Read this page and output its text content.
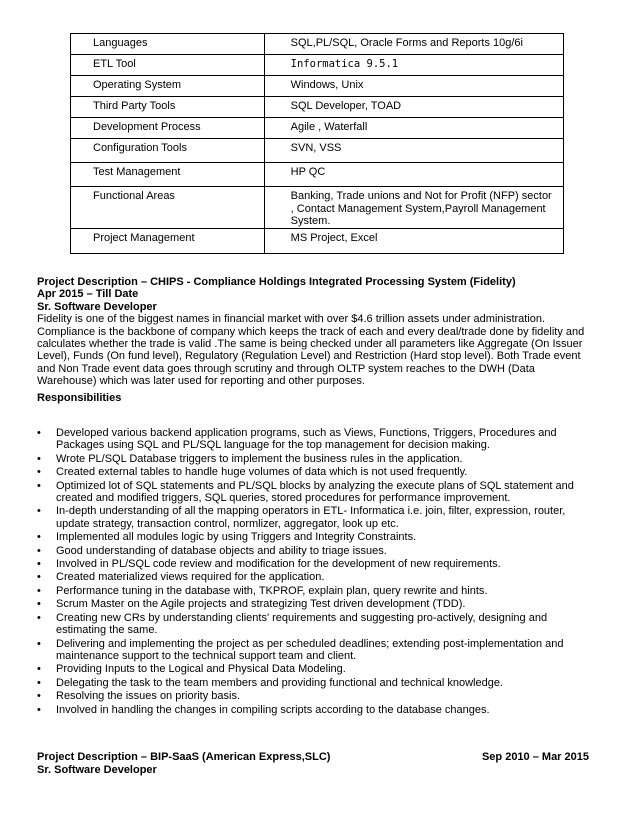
Languages	SQL,PL/SQL, Oracle Forms and Reports 10g/6i
ETL Tool	Informatica 9.5.1
Operating System	Windows, Unix
Third Party Tools	SQL Developer, TOAD
Development Process	Agile , Waterfall
Configuration Tools	SVN, VSS
Test Management	HP QC
Functional Areas	Banking, Trade unions and Not for Profit (NFP) sector , Contact Management System,Payroll Management System.
Project Management	MS Project, Excel
Project Description – CHIPS - Compliance Holdings Integrated Processing System (Fidelity)
Apr 2015 – Till Date
Sr. Software Developer
Fidelity is one of the biggest names in financial market with over $4.6 trillion assets under administration. Compliance is the backbone of company which keeps the track of each and every deal/trade done by fidelity and calculates whether the trade is valid .The same is being checked under all parameters like Aggregate (On Issuer Level), Funds (On fund level), Regulatory (Regulation Level) and Restriction (Hard stop level). Both Trade event and Non Trade event data goes through scrutiny and through OLTP system reaches to the DWH (Data Warehouse) which was later used for reporting and other purposes.
Responsibilities
• Developed various backend application programs, such as Views, Functions, Triggers, Procedures and Packages using SQL and PL/SQL language for the top management for decision making.
• Wrote PL/SQL Database triggers to implement the business rules in the application.
• Created external tables to handle huge volumes of data which is not used frequently.
• Optimized lot of SQL statements and PL/SQL blocks by analyzing the execute plans of SQL statement and created and modified triggers, SQL queries, stored procedures for performance improvement.
• In-depth understanding of all the mapping operators in ETL- Informatica i.e. join, filter, expression, router, update strategy, transaction control, normlizer, aggregator, look up etc.
• Implemented all modules logic by using Triggers and Integrity Constraints.
• Good understanding of database objects and ability to triage issues.
• Involved in PL/SQL code review and modification for the development of new requirements.
• Created materialized views required for the application.
• Performance tuning in the database with, TKPROF, explain plan, query rewrite and hints.
• Scrum Master on the Agile projects and strategizing Test driven development (TDD).
• Creating new CRs by understanding clients' requirements and suggesting pro-actively, designing and estimating the same.
• Delivering and implementing the project as per scheduled deadlines; extending post-implementation and maintenance support to the technical support team and client.
• Providing Inputs to the Logical and Physical Data Modeling.
• Delegating the task to the team members and providing functional and technical knowledge.
• Resolving the issues on priority basis.
• Involved in handling the changes in compiling scripts according to the database changes.
Project Description – BIP-SaaS (American Express,SLC)	Sep 2010 – Mar 2015
Sr. Software Developer
